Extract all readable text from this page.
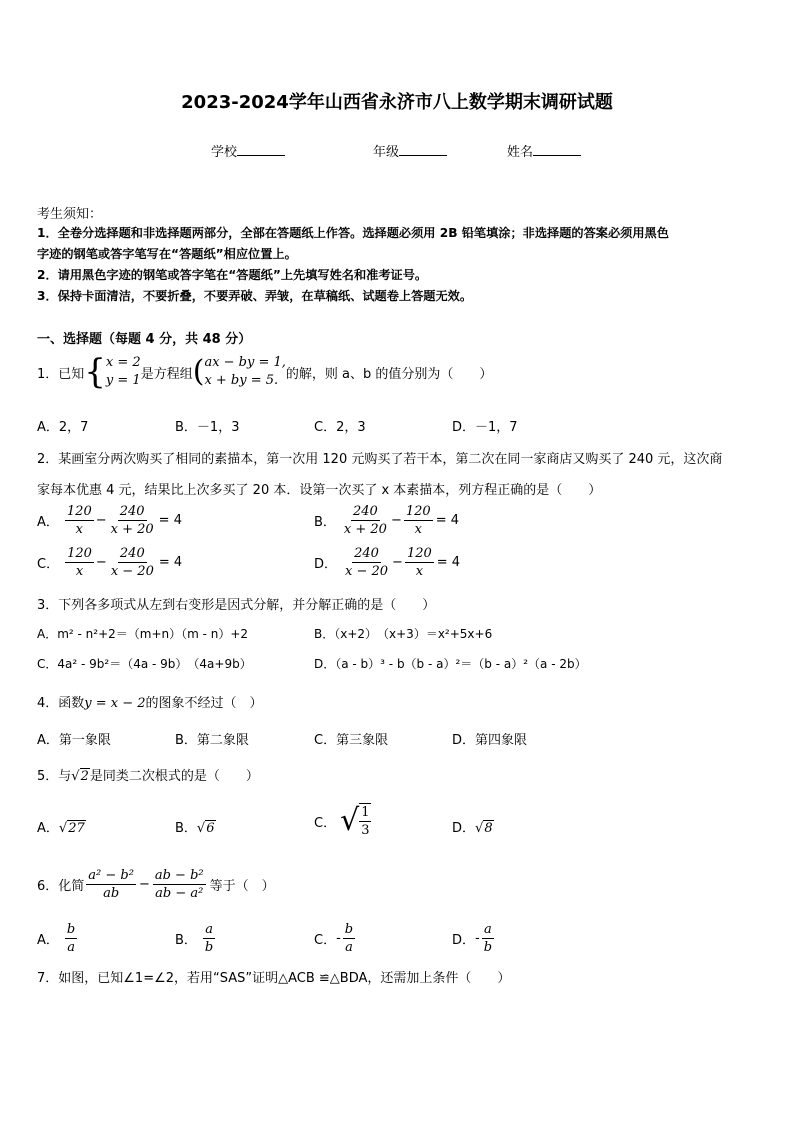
2023-2024学年山西省永济市八上数学期末调研试题
学校	年级	姓名
考生须知：
1．全卷分选择题和非选择题两部分，全部在答题纸上作答。选择题必须用 2B 铅笔填涂；非选择题的答案必须用黑色
字迹的钢笔或答字笔写在“答题纸”相应位置上。
2．请用黑色字迹的钢笔或答字笔在“答题纸”上先填写姓名和准考证号。
3．保持卡面清洁，不要折叠，不要弄破、弄皱，在草稿纸、试题卷上答题无效。
一、选择题（每题 4 分，共 48 分）
1．已知 { x = 2
y = 1 是方程组 ( ax − by = 1,
x + by = 5. 的解，则 a、b 的值分别为（　　）
A．2，7	B．－1，3	C．2，3	D．－1，7
2．某画室分两次购买了相同的素描本，第一次用 120 元购买了若干本，第二次在同一家商店又购买了 240 元，这次商
家每本优惠 4 元，结果比上次多买了 20 本．设第一次买了 x 本素描本，列方程正确的是（　　）
A． $\frac{120}{x} - \frac{240}{x + 20} = 4$	B． $\frac{240}{x + 20} - \frac{120}{x} = 4$
C． $\frac{120}{x} - \frac{240}{x - 20} = 4$	D． $\frac{240}{x - 20} - \frac{120}{x} = 4$
3．下列各多项式从左到右变形是因式分解，并分解正确的是（　　）
A．m² - n²+2＝（m+n）（m - n）+2	B．（x+2）　（x+3）＝x²+5x+6
C．4a² - 9b²＝（4a - 9b）　（4a+9b）	D．（a - b）³ - b（b - a）²＝（b - a）²（a - 2b）
4．函数y = x − 2的图象不经过（　）
A．第一象限	B．第二象限	C．第三象限	D．第四象限
5．与√2是同类二次根式的是（　　）
A．√27	B．√6	C． √ $\frac{1}{3}$	D．√8
6．化简 $\frac{\text{a² − b²}}{ab} - \frac{\text{ab − b²}}{\text{ab − a²}}$ 等于（　）
A． $\frac{b}{a}$	B． $\frac{a}{b}$	C． - $\frac{b}{a}$	D． - $\frac{a}{b}$
7．如图，已知∠1=∠2，若用“SAS”证明△ACB ≌△BDA，还需加上条件（　　）
